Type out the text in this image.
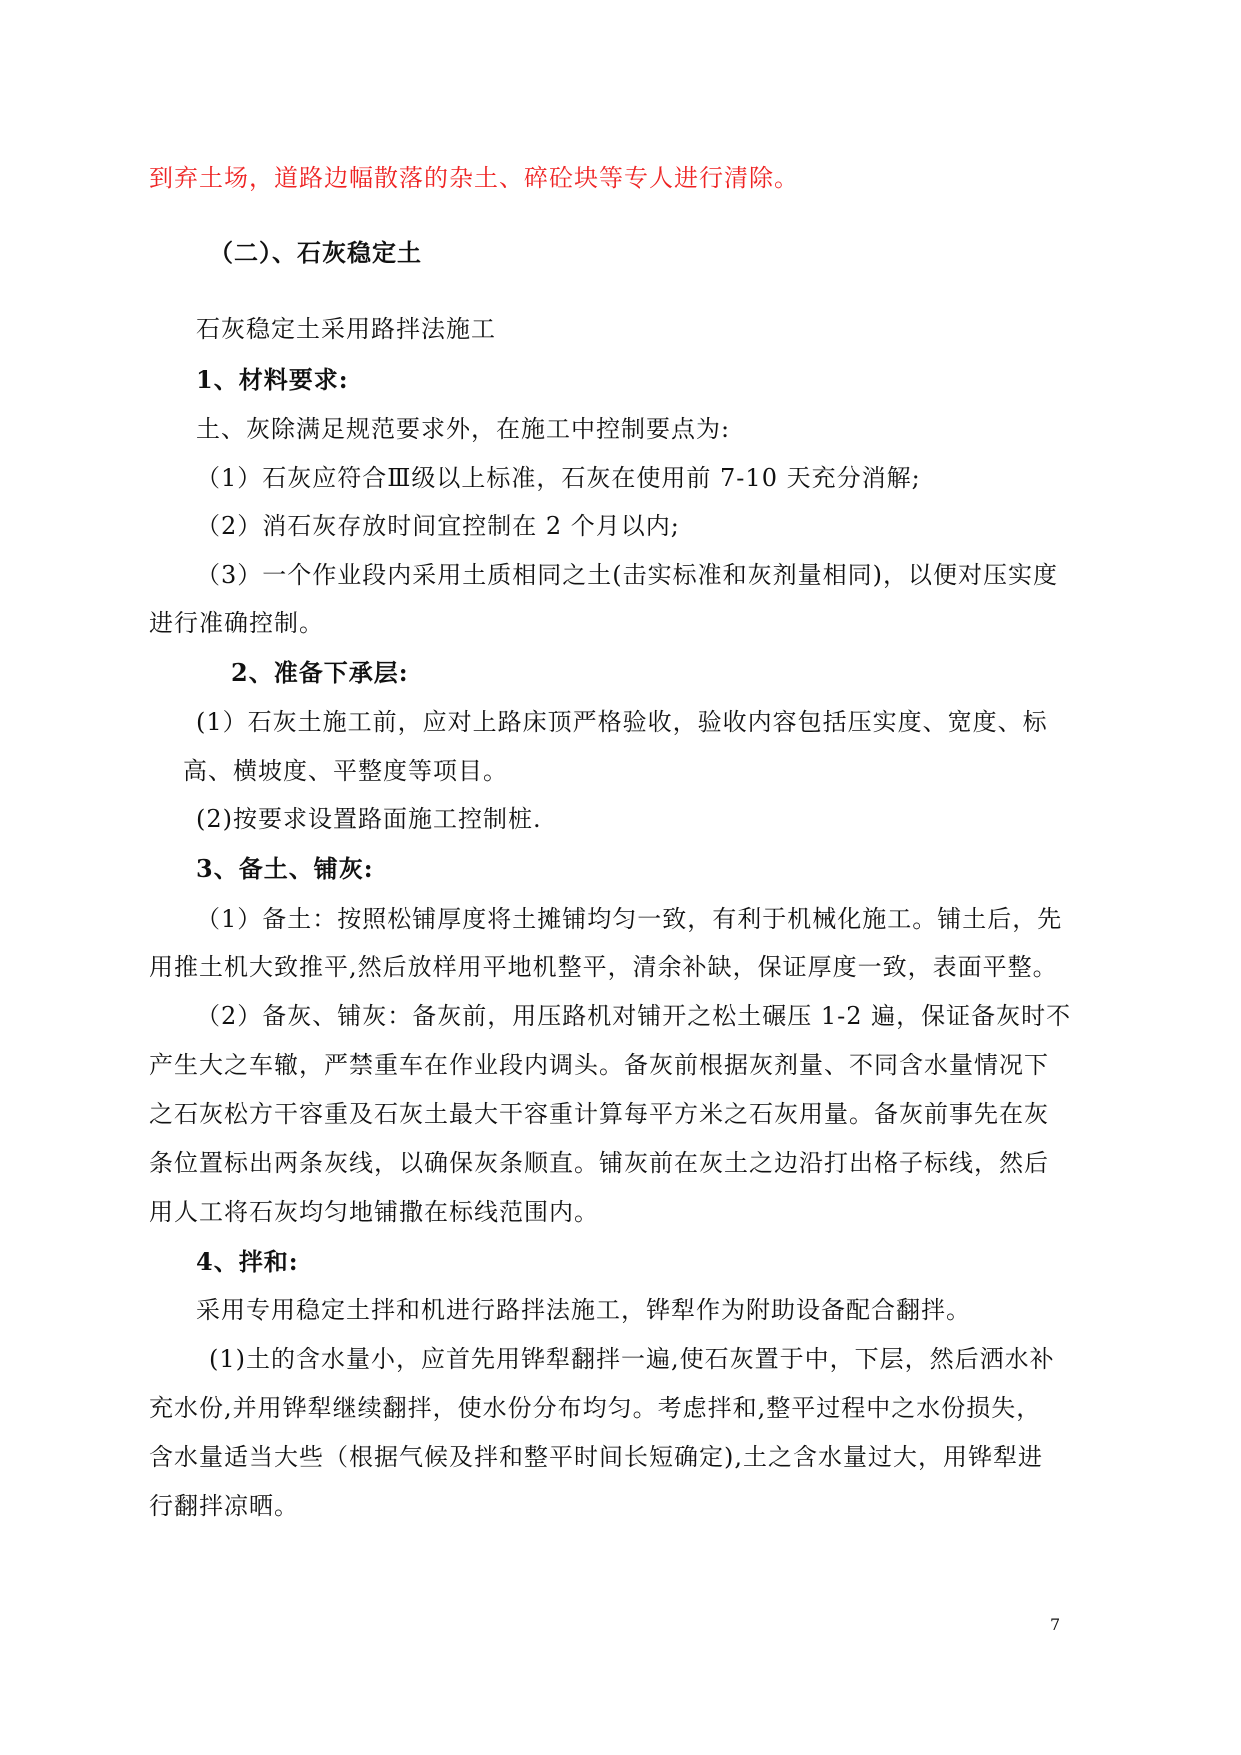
到弃土场，道路边幅散落的杂土、碎砼块等专人进行清除。
（二）、石灰稳定土
石灰稳定土采用路拌法施工
1、材料要求:
土、灰除满足规范要求外，在施工中控制要点为:
（1）石灰应符合Ⅲ级以上标准，石灰在使用前 7-10 天充分消解;
（2）消石灰存放时间宜控制在 2 个月以内;
（3）一个作业段内采用土质相同之土(击实标准和灰剂量相同)，以便对压实度
进行准确控制。
2、准备下承层:
(1）石灰土施工前，应对上路床顶严格验收，验收内容包括压实度、宽度、标
高、横坡度、平整度等项目。
(2)按要求设置路面施工控制桩.
3、备土、铺灰:
（1）备土：按照松铺厚度将土摊铺均匀一致，有利于机械化施工。铺土后，先
用推土机大致推平,然后放样用平地机整平，清余补缺，保证厚度一致，表面平整。
（2）备灰、铺灰：备灰前，用压路机对铺开之松土碾压 1-2 遍，保证备灰时不
产生大之车辙，严禁重车在作业段内调头。备灰前根据灰剂量、不同含水量情况下
之石灰松方干容重及石灰土最大干容重计算每平方米之石灰用量。备灰前事先在灰
条位置标出两条灰线，以确保灰条顺直。铺灰前在灰土之边沿打出格子标线，然后
用人工将石灰均匀地铺撒在标线范围内。
4、拌和:
采用专用稳定土拌和机进行路拌法施工，铧犁作为附助设备配合翻拌。
(1)土的含水量小，应首先用铧犁翻拌一遍,使石灰置于中，下层，然后洒水补
充水份,并用铧犁继续翻拌，使水份分布均匀。考虑拌和,整平过程中之水份损失，
含水量适当大些（根据气候及拌和整平时间长短确定),土之含水量过大，用铧犁进
行翻拌凉晒。
7
